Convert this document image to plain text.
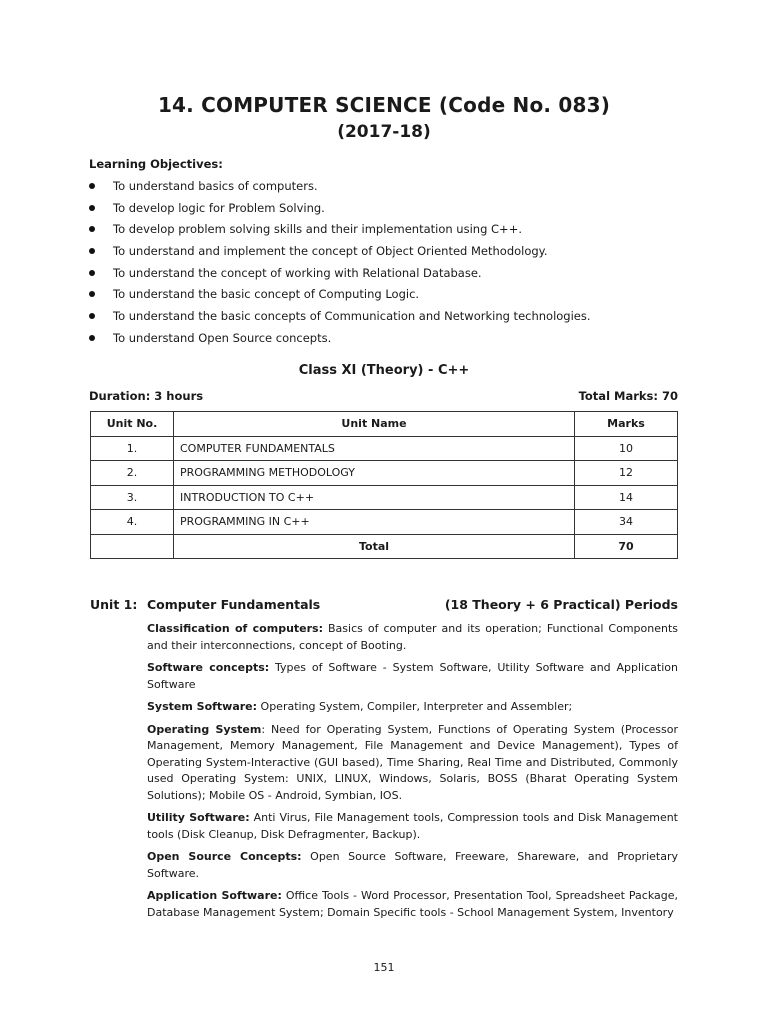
14. COMPUTER SCIENCE (Code No. 083)
(2017-18)
Learning Objectives:
To understand basics of computers.
To develop logic for Problem Solving.
To develop problem solving skills and their implementation using C++.
To understand and implement the concept of Object Oriented Methodology.
To understand the concept of working with Relational Database.
To understand the basic concept of Computing Logic.
To understand the basic concepts of Communication and Networking technologies.
To understand Open Source concepts.
Class XI (Theory) - C++
Duration: 3 hours	Total Marks: 70
Unit No.	Unit Name	Marks
1.	COMPUTER FUNDAMENTALS	10
2.	PROGRAMMING METHODOLOGY	12
3.	INTRODUCTION TO C++	14
4.	PROGRAMMING IN C++	34
	Total	70
Unit 1: Computer Fundamentals	(18 Theory + 6 Practical) Periods

Classification of computers: Basics of computer and its operation; Functional Components and their interconnections, concept of Booting.

Software concepts: Types of Software - System Software, Utility Software and Application Software

System Software: Operating System, Compiler, Interpreter and Assembler;

Operating System: Need for Operating System, Functions of Operating System (Processor Management, Memory Management, File Management and Device Management), Types of Operating System-Interactive (GUI based), Time Sharing, Real Time and Distributed, Commonly used Operating System: UNIX, LINUX, Windows, Solaris, BOSS (Bharat Operating System Solutions); Mobile OS - Android, Symbian, IOS.

Utility Software: Anti Virus, File Management tools, Compression tools and Disk Management tools (Disk Cleanup, Disk Defragmenter, Backup).

Open Source Concepts: Open Source Software, Freeware, Shareware, and Proprietary Software.

Application Software: Office Tools - Word Processor, Presentation Tool, Spreadsheet Package, Database Management System; Domain Specific tools - School Management System, Inventory

151
